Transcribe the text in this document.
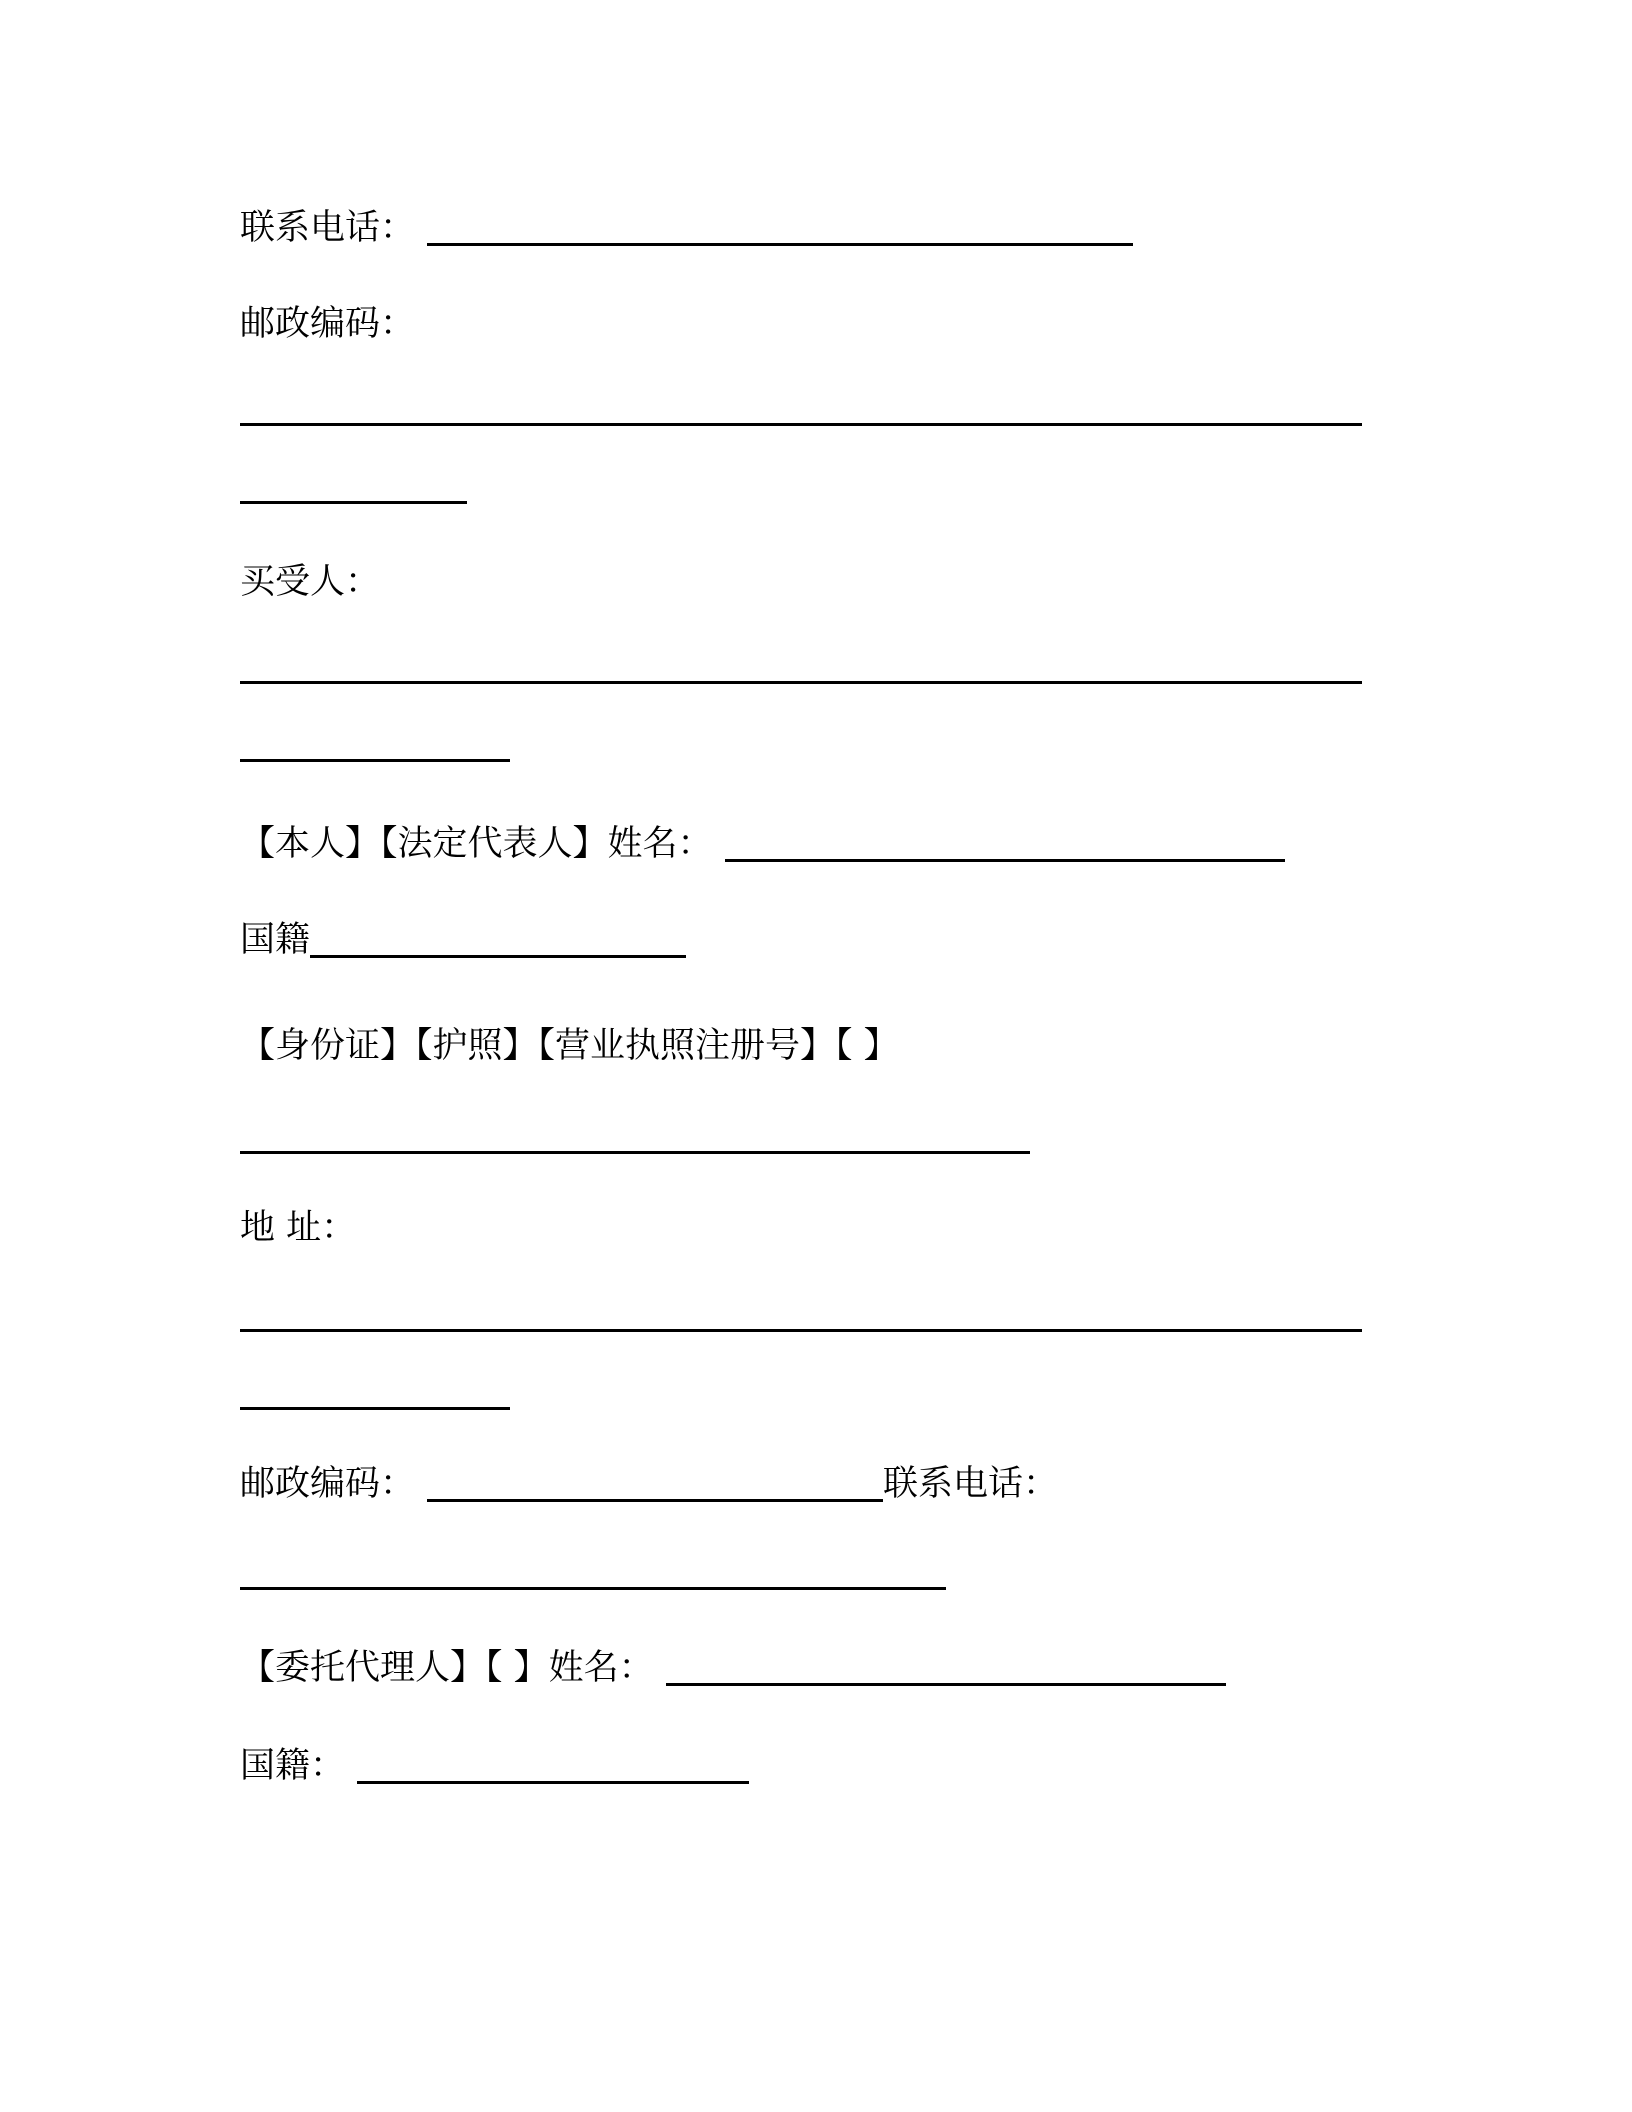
联系电话：
邮政编码：
买受人：
【本人】【法定代表人】姓名：
国籍
【身份证】【护照】【营业执照注册号】【 】
地 址：
邮政编码：	联系电话：
【委托代理人】【 】姓名：
国籍：
